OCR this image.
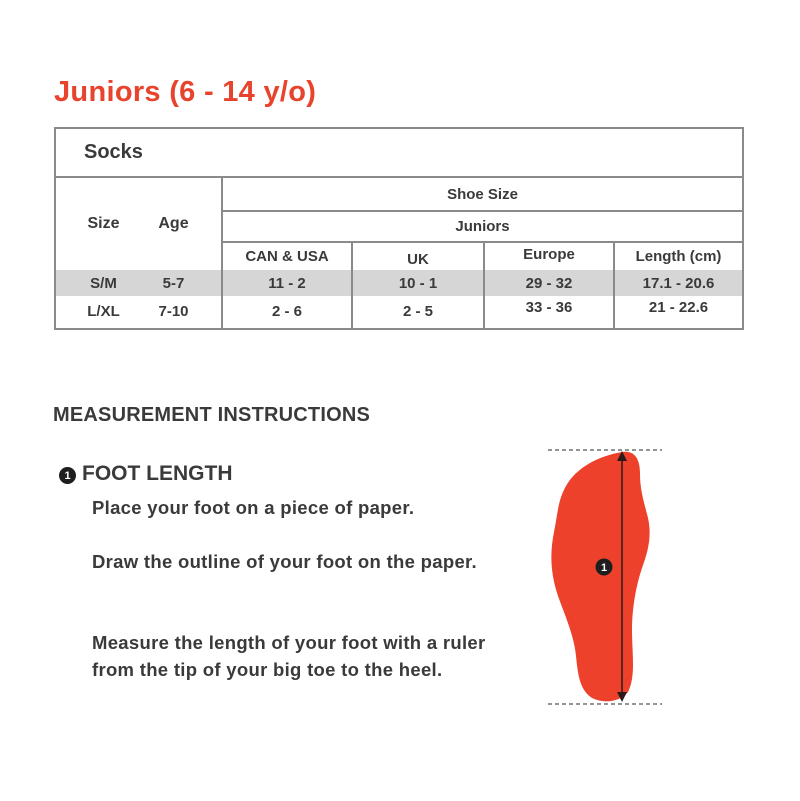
Juniors (6 - 14 y/o)
Socks
Size	Age
Shoe Size
Juniors
CAN & USA	UK	Europe	Length (cm)
S/M	5-7	11 - 2	10 - 1	29 - 32	17.1 - 20.6
L/XL	7-10	2 - 6	2 - 5	33 - 36	21 - 22.6
MEASUREMENT INSTRUCTIONS
1 FOOT LENGTH
Place your foot on a piece of paper.
Draw the outline of your foot on the paper.
Measure the length of your foot with a ruler from the tip of your big toe to the heel.
1
